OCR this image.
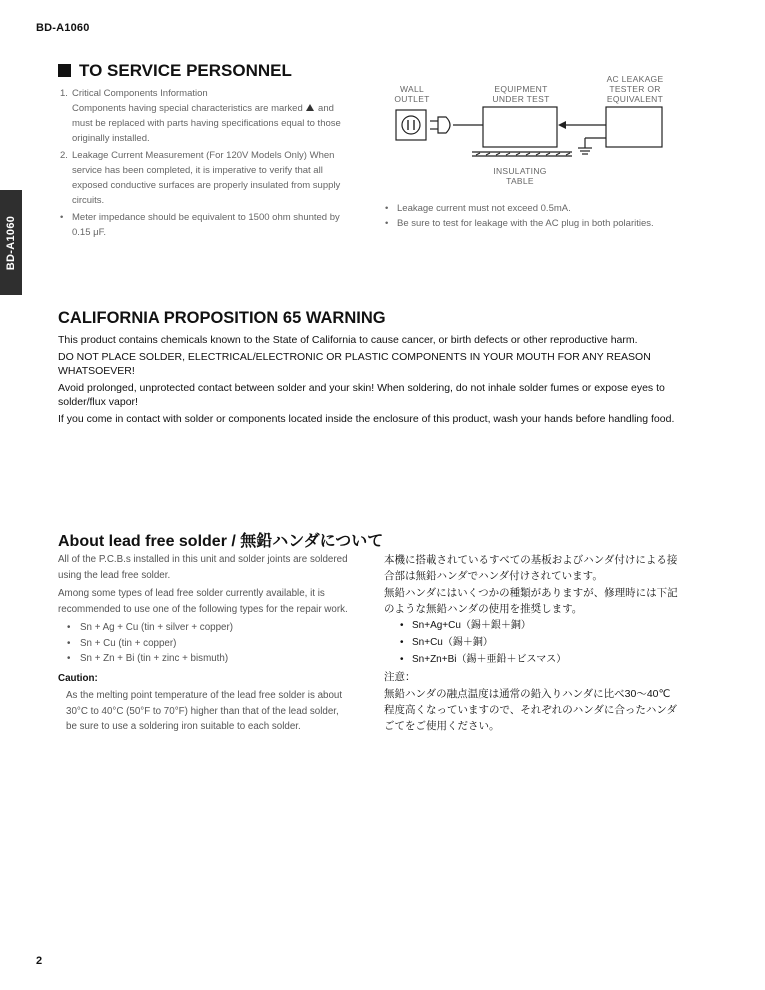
BD-A1060
BD-A1060
TO SERVICE PERSONNEL
1. Critical Components Information
Components having special characteristics are marked and must be replaced with parts having specifications equal to those originally installed.
2. Leakage Current Measurement (For 120V Models Only) When service has been completed, it is imperative to verify that all exposed conductive surfaces are properly insulated from supply circuits.
• Meter impedance should be equivalent to 1500 ohm shunted by 0.15 μF.
WALL
OUTLET
EQUIPMENT
UNDER TEST
AC LEAKAGE
TESTER OR
EQUIVALENT
INSULATING
TABLE
• Leakage current must not exceed 0.5mA.
• Be sure to test for leakage with the AC plug in both polarities.
CALIFORNIA PROPOSITION 65 WARNING

This product contains chemicals known to the State of California to cause cancer, or birth defects or other reproductive harm.

DO NOT PLACE SOLDER, ELECTRICAL/ELECTRONIC OR PLASTIC COMPONENTS IN YOUR MOUTH FOR ANY REASON WHATSOEVER!

Avoid prolonged, unprotected contact between solder and your skin! When soldering, do not inhale solder fumes or expose eyes to solder/flux vapor!

If you come in contact with solder or components located inside the enclosure of this product, wash your hands before handling food.

About lead free solder / 無鉛ハンダについて

All of the P.C.B.s installed in this unit and solder joints are soldered using the lead free solder.

Among some types of lead free solder currently available, it is recommended to use one of the following types for the repair work.

• Sn + Ag + Cu (tin + silver + copper)

• Sn + Cu (tin + copper)

• Sn + Zn + Bi (tin + zinc + bismuth)

Caution:

As the melting point temperature of the lead free solder is about 30°C to 40°C (50°F to 70°F) higher than that of the lead solder, be sure to use a soldering iron suitable to each solder.

本機に搭載されているすべての基板およびハンダ付けによる接合部は無鉛ハンダでハンダ付けされています。

無鉛ハンダにはいくつかの種類がありますが、修理時には下記のような無鉛ハンダの使用を推奨します。

• Sn+Ag+Cu（錫＋銀＋銅）

• Sn+Cu（錫＋銅）

• Sn+Zn+Bi（錫＋亜鉛＋ビスマス）

注意：

無鉛ハンダの融点温度は通常の鉛入りハンダに比べ30～40℃程度高くなっていますので、それぞれのハンダに合ったハンダごてをご使用ください。

2
